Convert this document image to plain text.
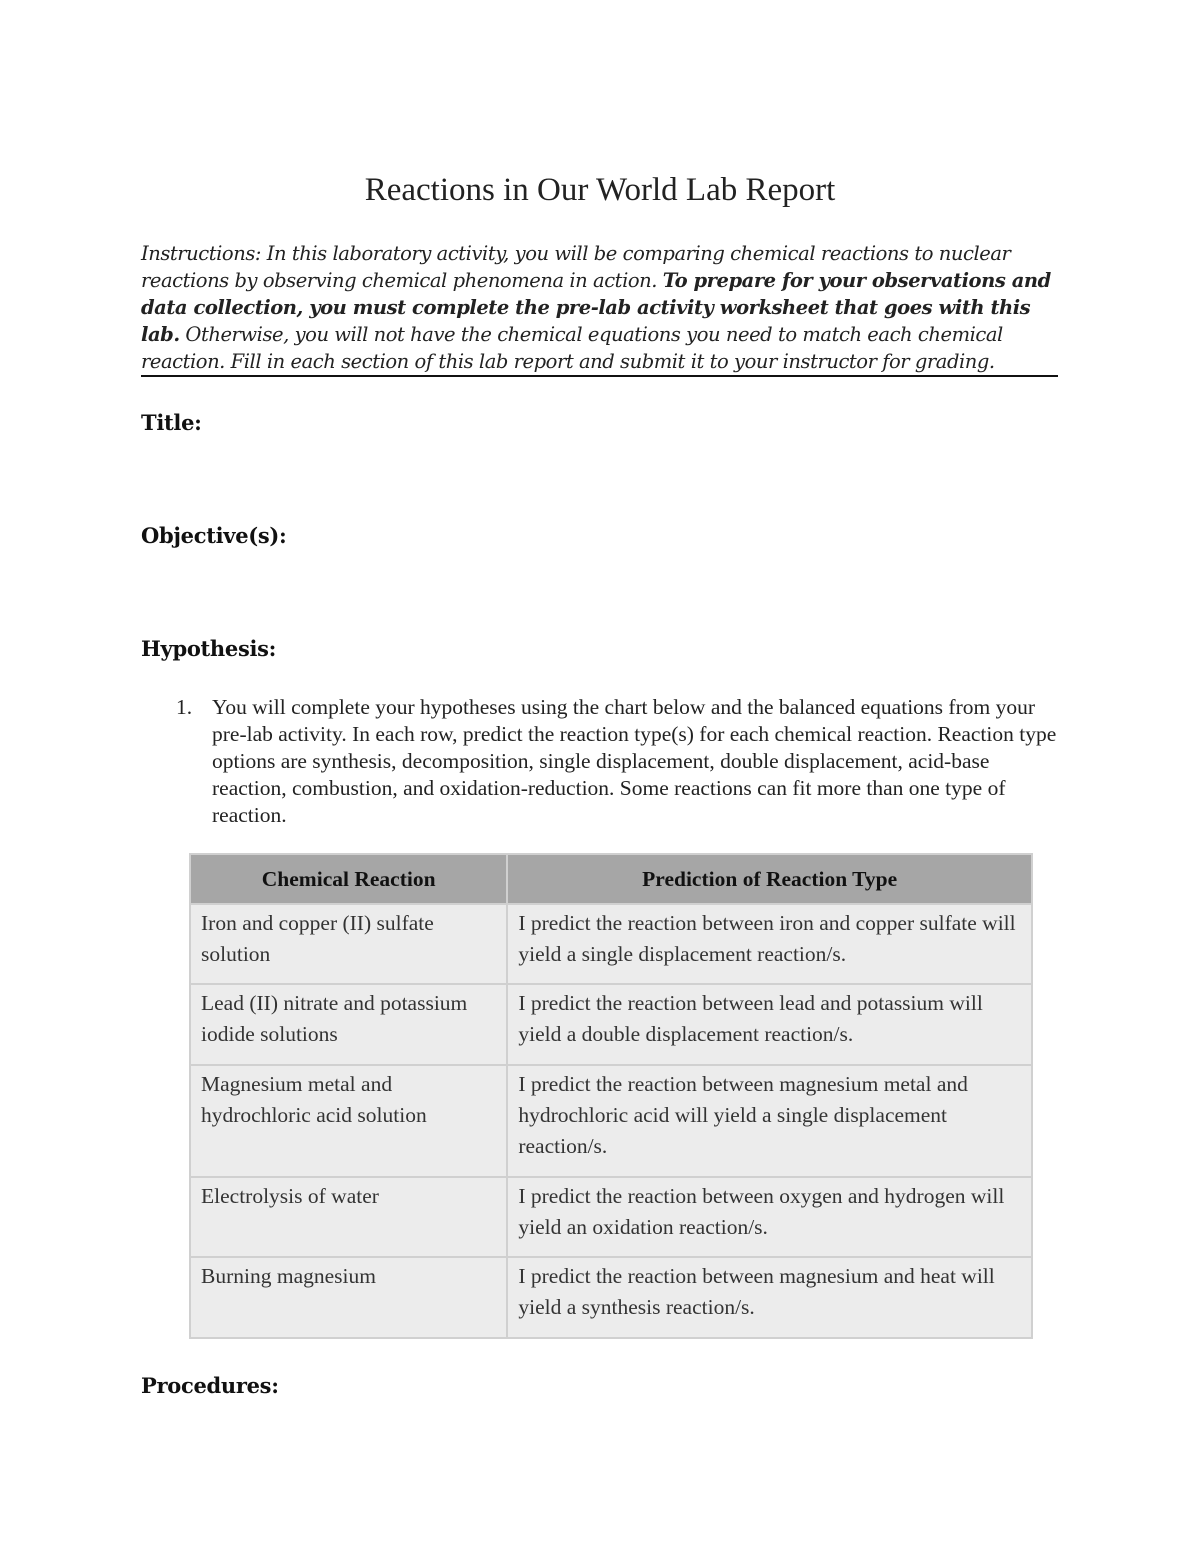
Reactions in Our World Lab Report

Instructions: In this laboratory activity, you will be comparing chemical reactions to nuclear reactions by observing chemical phenomena in action. To prepare for your observations and data collection, you must complete the pre-lab activity worksheet that goes with this lab. Otherwise, you will not have the chemical equations you need to match each chemical reaction. Fill in each section of this lab report and submit it to your instructor for grading.

Title:
Objective(s):
Hypothesis:
1. You will complete your hypotheses using the chart below and the balanced equations from your pre-lab activity. In each row, predict the reaction type(s) for each chemical reaction. Reaction type options are synthesis, decomposition, single displacement, double displacement, acid-base reaction, combustion, and oxidation-reduction. Some reactions can fit more than one type of reaction.
Chemical Reaction	Prediction of Reaction Type
Iron and copper (II) sulfate solution	I predict the reaction between iron and copper sulfate will yield a single displacement reaction/s.
Lead (II) nitrate and potassium iodide solutions	I predict the reaction between lead and potassium will yield a double displacement reaction/s.
Magnesium metal and hydrochloric acid solution	I predict the reaction between magnesium metal and hydrochloric acid will yield a single displacement reaction/s.
Electrolysis of water	I predict the reaction between oxygen and hydrogen will yield an oxidation reaction/s.
Burning magnesium	I predict the reaction between magnesium and heat will yield a synthesis reaction/s.
Procedures:
